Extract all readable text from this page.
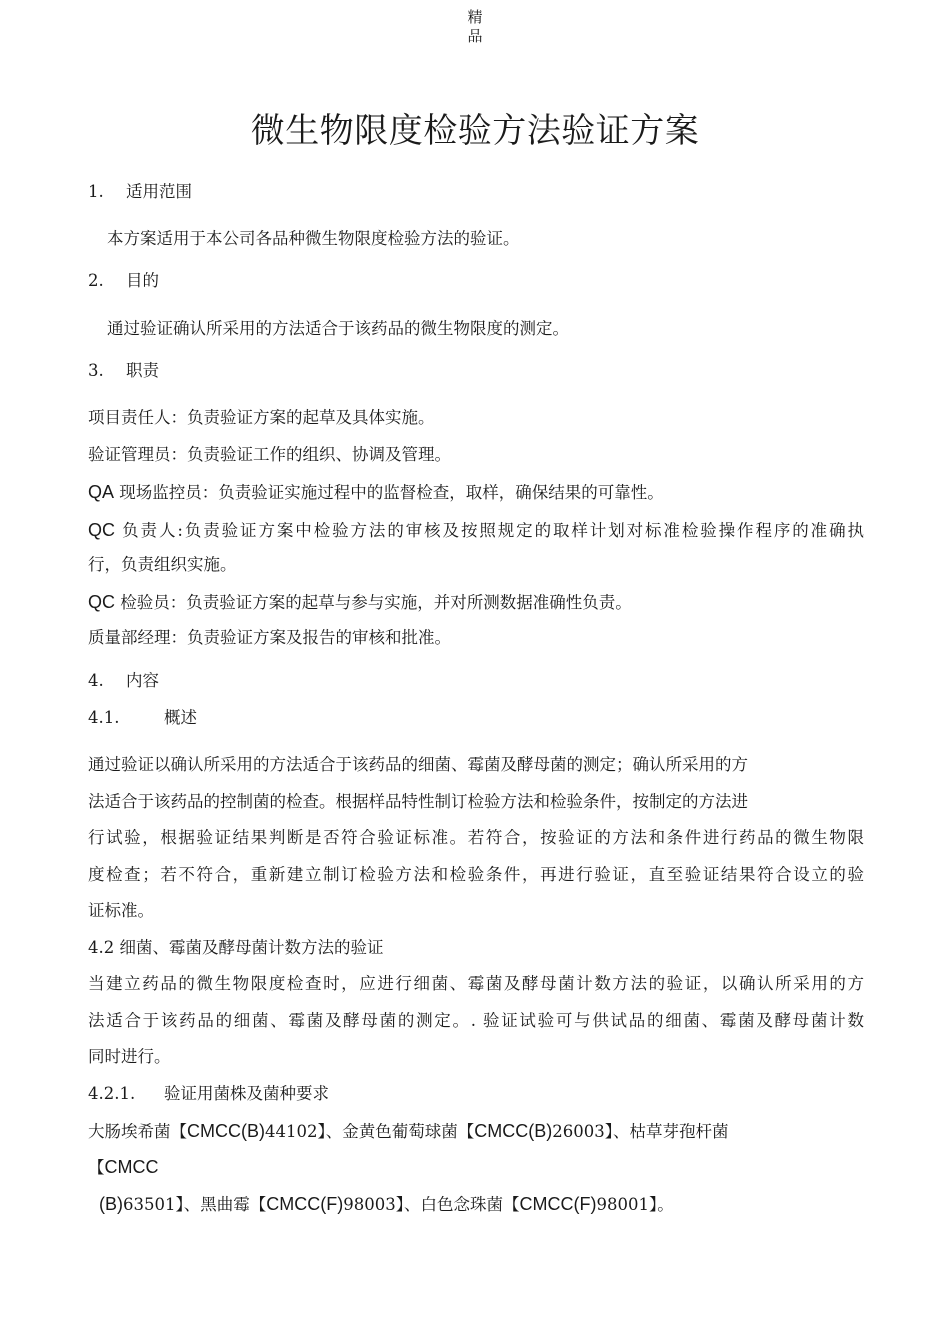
精品
微生物限度检验方法验证方案
1. 适用范围
本方案适用于本公司各品种微生物限度检验方法的验证。
2. 目的
通过验证确认所采用的方法适合于该药品的微生物限度的测定。
3. 职责
项目责任人：负责验证方案的起草及具体实施。
验证管理员：负责验证工作的组织、协调及管理。
QA 现场监控员：负责验证实施过程中的监督检查，取样，确保结果的可靠性。
QC 负责人:负责验证方案中检验方法的审核及按照规定的取样计划对标准检验操作程序的准确执
行，负责组织实施。
QC 检验员：负责验证方案的起草与参与实施，并对所测数据准确性负责。
质量部经理：负责验证方案及报告的审核和批准。
4. 内容
4.1.	概述
通过验证以确认所采用的方法适合于该药品的细菌、霉菌及酵母菌的测定；确认所采用的方
法适合于该药品的控制菌的检查。根据样品特性制订检验方法和检验条件，按制定的方法进
行试验，根据验证结果判断是否符合验证标准。若符合，按验证的方法和条件进行药品的微生物限
度检查；若不符合，重新建立制订检验方法和检验条件，再进行验证，直至验证结果符合设立的验
证标准。
4.2 细菌、霉菌及酵母菌计数方法的验证
当建立药品的微生物限度检查时，应进行细菌、霉菌及酵母菌计数方法的验证，以确认所采用的方
法适合于该药品的细菌、霉菌及酵母菌的测定。. 验证试验可与供试品的细菌、霉菌及酵母菌计数
同时进行。
4.2.1. 验证用菌株及菌种要求
大肠埃希菌【CMCC(B)44102】、金黄色葡萄球菌【CMCC(B)26003】、枯草芽孢杆菌
【CMCC
(B)63501】、黑曲霉【CMCC(F)98003】、白色念珠菌【CMCC(F)98001】。
